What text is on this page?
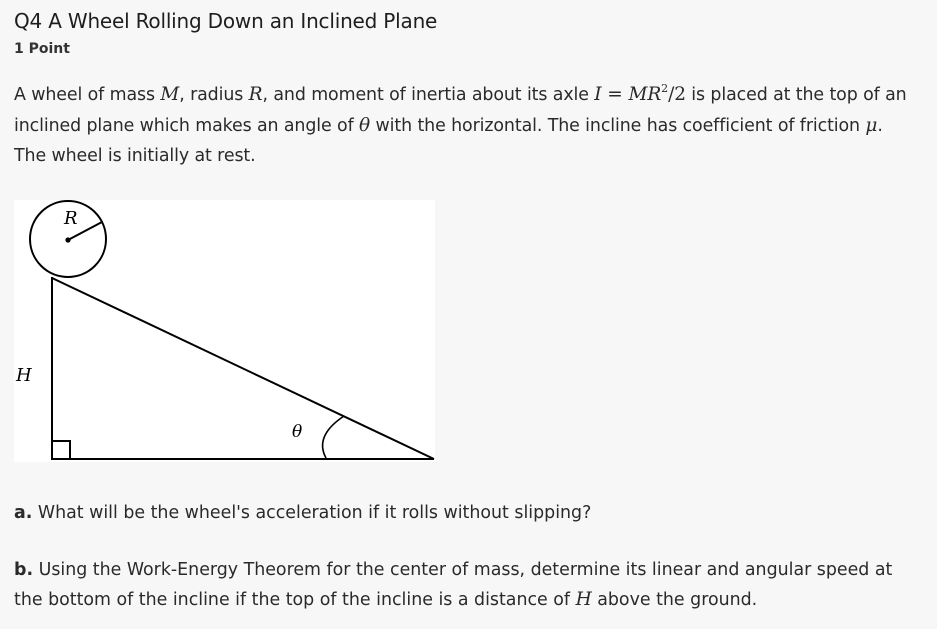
Q4 A Wheel Rolling Down an Inclined Plane
1 Point
A wheel of mass M, radius R, and moment of inertia about its axle $I = MR^2/2$ is placed at the top of an inclined plane which makes an angle of θ with the horizontal. The incline has coefficient of friction μ. The wheel is initially at rest.
R
θ
H
a. What will be the wheel's acceleration if it rolls without slipping?
b. Using the Work-Energy Theorem for the center of mass, determine its linear and angular speed at the bottom of the incline if the top of the incline is a distance of H above the ground.
